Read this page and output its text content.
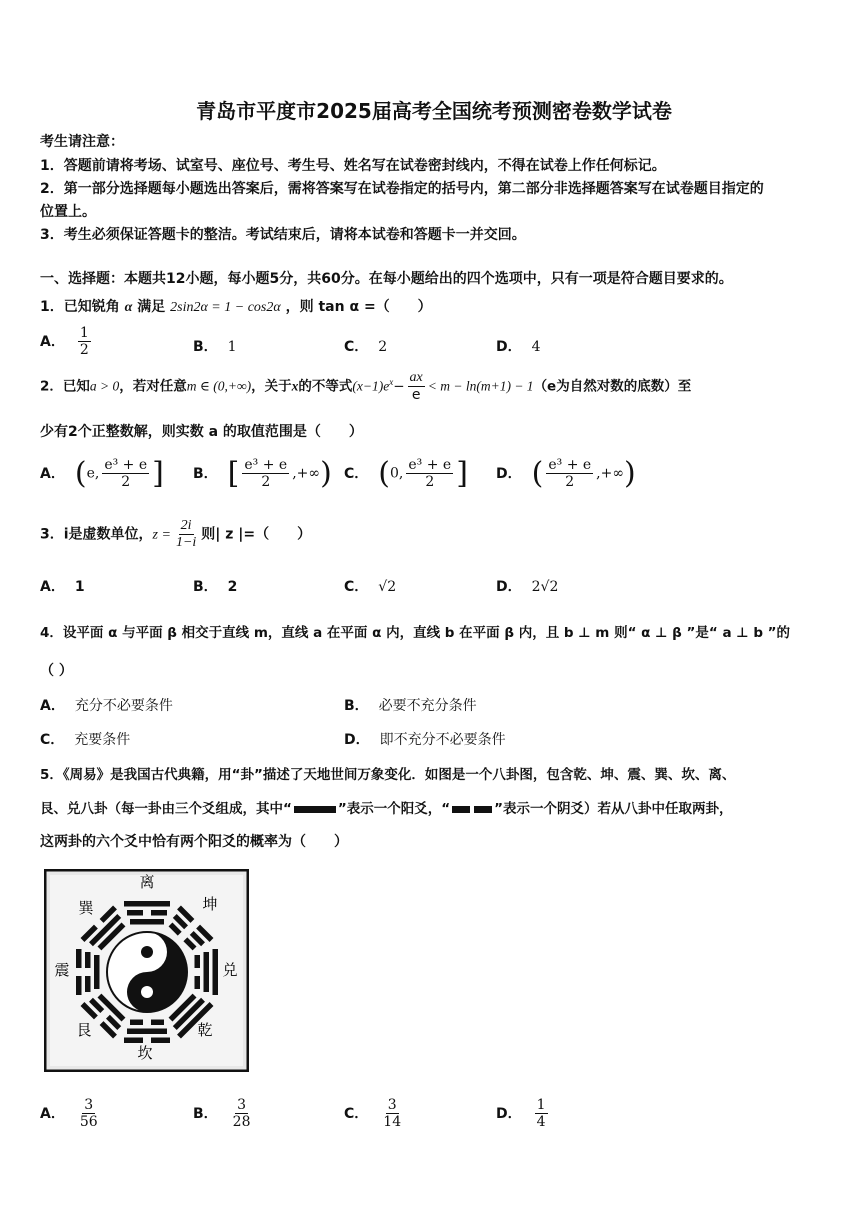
青岛市平度市2025届高考全国统考预测密卷数学试卷
考生请注意：
1．答题前请将考场、试室号、座位号、考生号、姓名写在试卷密封线内，不得在试卷上作任何标记。
2．第一部分选择题每小题选出答案后，需将答案写在试卷指定的括号内，第二部分非选择题答案写在试卷题目指定的
位置上。
3．考生必须保证答题卡的整洁。考试结束后，请将本试卷和答题卡一并交回。
一、选择题：本题共12小题，每小题5分，共60分。在每小题给出的四个选项中，只有一项是符合题目要求的。
1．已知锐角 α 满足 2sin2α = 1 − cos2α ，则 tan α =（　　）
A． $\frac{1}{2}$	B． 1	C． 2	D． 4
2．已知a > 0，若对任意m ∈ (0,+∞)，关于x的不等式$(x-1)e^x- \frac{ax}{e} < m - \ln(m+1) - 1(e$为自然对数的底数）至
少有2个正整数解，则实数 a 的取值范围是（　　）
A． (e, $\frac{\text{e³ + e}}{2}$ ] B． [ $\frac{\text{e³ + e}}{2}$ ,+∞) C． (0, $\frac{\text{e³ + e}}{2}$ ] D． ( $\frac{\text{e³ + e}}{2}$ ,+∞)
3．i是虚数单位，$z = \frac{2i}{1-i}$ 则| z |=（　　）
A． 1	B． 2	C． √2	D． 2√2
4．设平面 α 与平面 β 相交于直线 m，直线 a 在平面 α 内，直线 b 在平面 β 内，且 b ⊥ m 则“ α ⊥ β ”是“ a ⊥ b ”的
（ ）
A． 充分不必要条件	B． 必要不充分条件
C． 充要条件	D． 即不充分不必要条件
5．《周易》是我国古代典籍，用“卦”描述了天地世间万象变化．如图是一个八卦图，包含乾、坤、震、巽、坎、离、
艮、兑八卦（每一卦由三个爻组成，其中“	”表示一个阳爻，“	”表示一个阴爻）若从八卦中任取两卦，
这两卦的六个爻中恰有两个阳爻的概率为（　　）
离
坤
兑
乾
坎
艮
震
巽
A． $\frac{3}{56}$	B． $\frac{3}{28}$	C． $\frac{3}{14}$	D． $\frac{1}{4}$
